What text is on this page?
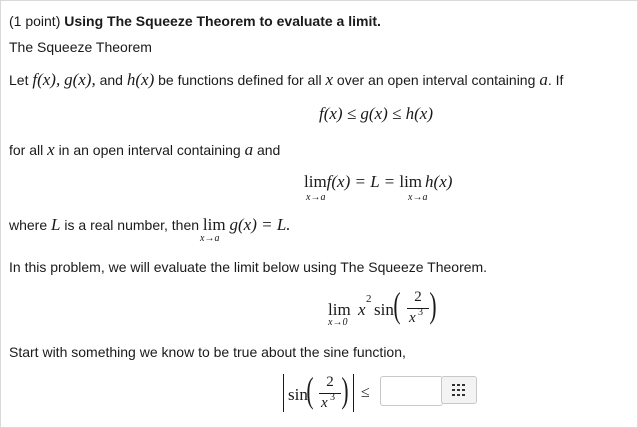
(1 point) Using The Squeeze Theorem to evaluate a limit.
The Squeeze Theorem
Let f(x), g(x), and h(x) be functions defined for all x over an open interval containing a. If
f(x) ≤ g(x) ≤ h(x)
for all x in an open interval containing a and
limf(x) = L = lim h(x)
x→a	x→a
where L is a real number, then lim g(x) = L.
x→a
In this problem, we will evaluate the limit below using The Squeeze Theorem.
lim x
2
sin ( 2
x 3 )
x→0
Start with something we know to be true about the sine function,
sin
( 2
x 3 ) ≤
